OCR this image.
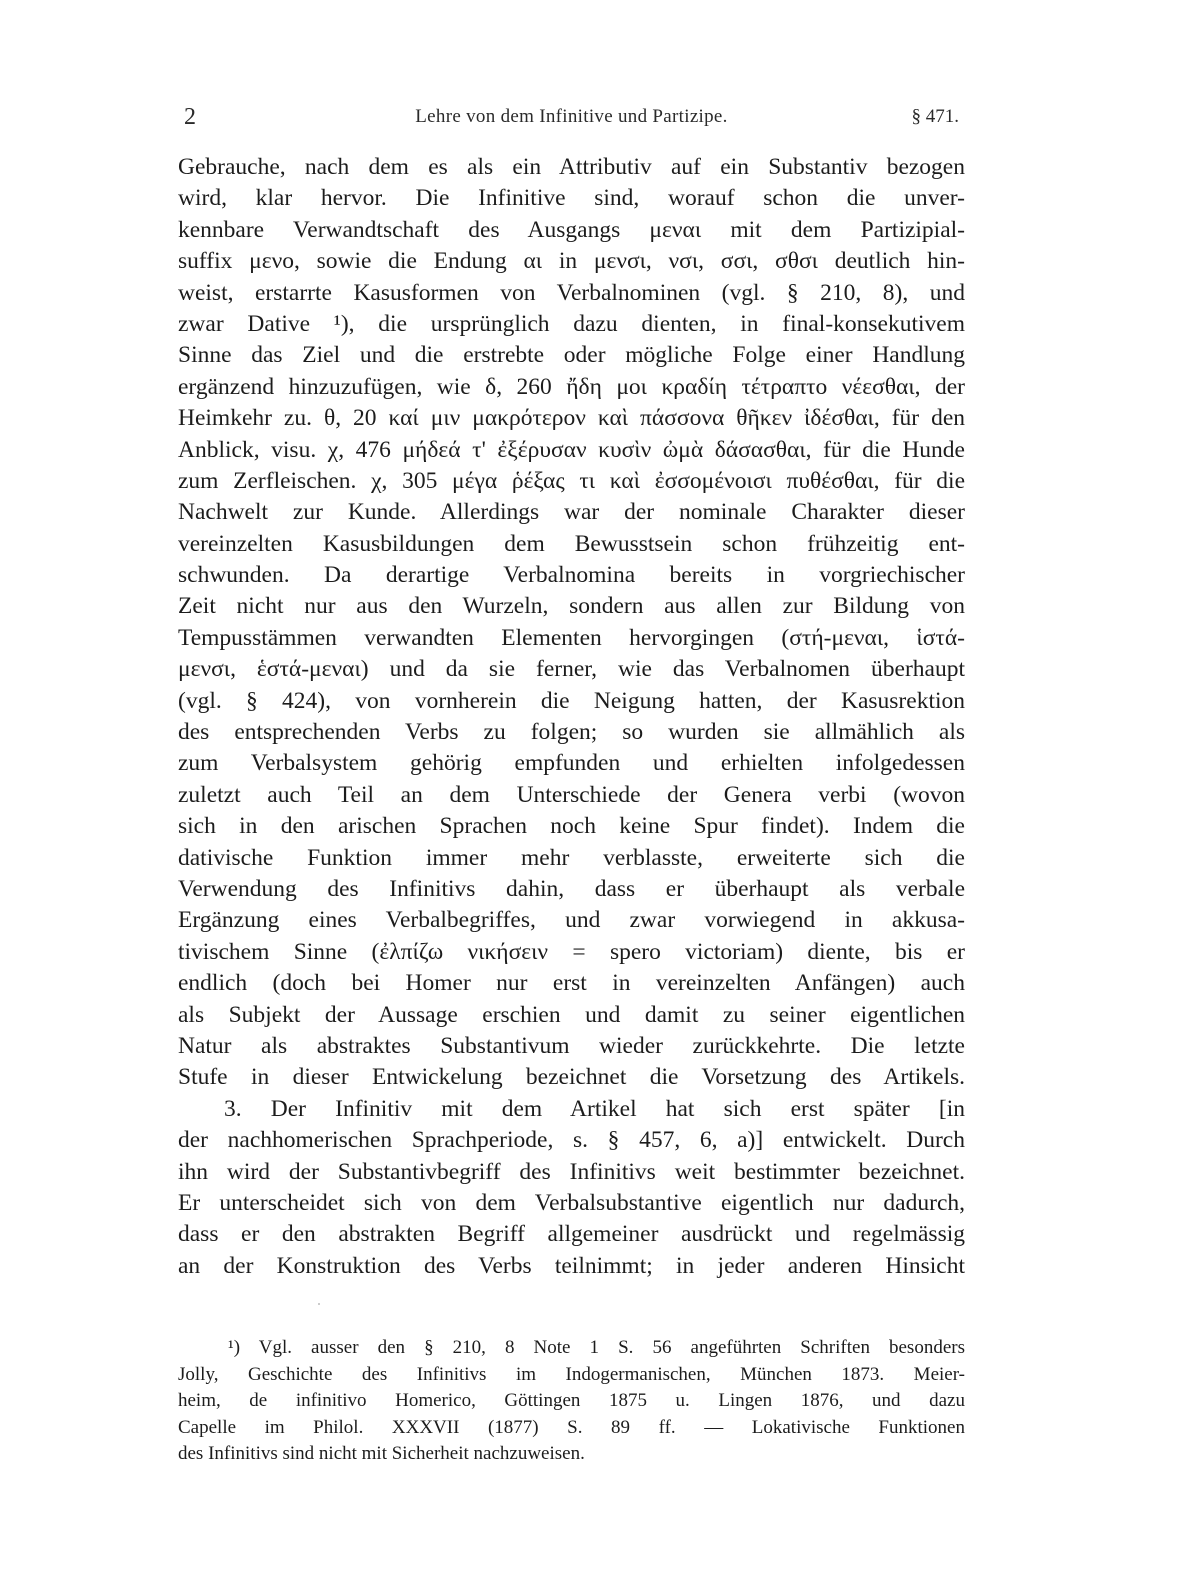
2	Lehre von dem Infinitive und Partizipe.	§ 471.
Gebrauche, nach dem es als ein Attributiv auf ein Substantiv bezogen
wird, klar hervor. Die Infinitive sind, worauf schon die unver-
kennbare Verwandtschaft des Ausgangs μεναι mit dem Partizipial-
suffix μενο, sowie die Endung αι in μενσι, νσι, σσι, σθσι deutlich hin-
weist, erstarrte Kasusformen von Verbalnominen (vgl. § 210, 8), und
zwar Dative ¹), die ursprünglich dazu dienten, in final-konsekutivem
Sinne das Ziel und die erstrebte oder mögliche Folge einer Handlung
ergänzend hinzuzufügen, wie δ, 260 ἤδη μοι κραδίη τέτραπτο νέεσθαι, der
Heimkehr zu. θ, 20 καί μιν μακρότερον καὶ πάσσονα θῆκεν ἰδέσθαι, für den
Anblick, visu. χ, 476 μήδεά τ' ἐξέρυσαν κυσὶν ὠμὰ δάσασθαι, für die Hunde
zum Zerfleischen. χ, 305 μέγα ῥέξας τι καὶ ἐσσομένοισι πυθέσθαι, für die
Nachwelt zur Kunde. Allerdings war der nominale Charakter dieser
vereinzelten Kasusbildungen dem Bewusstsein schon frühzeitig ent-
schwunden. Da derartige Verbalnomina bereits in vorgriechischer
Zeit nicht nur aus den Wurzeln, sondern aus allen zur Bildung von
Tempusstämmen verwandten Elementen hervorgingen (στή-μεναι, ἱστά-
μενσι, ἑστά-μεναι) und da sie ferner, wie das Verbalnomen überhaupt
(vgl. § 424), von vornherein die Neigung hatten, der Kasusrektion
des entsprechenden Verbs zu folgen; so wurden sie allmählich als
zum Verbalsystem gehörig empfunden und erhielten infolgedessen
zuletzt auch Teil an dem Unterschiede der Genera verbi (wovon
sich in den arischen Sprachen noch keine Spur findet). Indem die
dativische Funktion immer mehr verblasste, erweiterte sich die
Verwendung des Infinitivs dahin, dass er überhaupt als verbale
Ergänzung eines Verbalbegriffes, und zwar vorwiegend in akkusa-
tivischem Sinne (ἐλπίζω νικήσειν = spero victoriam) diente, bis er
endlich (doch bei Homer nur erst in vereinzelten Anfängen) auch
als Subjekt der Aussage erschien und damit zu seiner eigentlichen
Natur als abstraktes Substantivum wieder zurückkehrte. Die letzte
Stufe in dieser Entwickelung bezeichnet die Vorsetzung des Artikels.
3. Der Infinitiv mit dem Artikel hat sich erst später [in
der nachhomerischen Sprachperiode, s. § 457, 6, a)] entwickelt. Durch
ihn wird der Substantivbegriff des Infinitivs weit bestimmter bezeichnet.
Er unterscheidet sich von dem Verbalsubstantive eigentlich nur dadurch,
dass er den abstrakten Begriff allgemeiner ausdrückt und regelmässig
an der Konstruktion des Verbs teilnimmt; in jeder anderen Hinsicht
¹) Vgl. ausser den § 210, 8 Note 1 S. 56 angeführten Schriften besonders
Jolly, Geschichte des Infinitivs im Indogermanischen, München 1873. Meier-
heim, de infinitivo Homerico, Göttingen 1875 u. Lingen 1876, und dazu
Capelle im Philol. XXXVII (1877) S. 89 ff. — Lokativische Funktionen
des Infinitivs sind nicht mit Sicherheit nachzuweisen.
